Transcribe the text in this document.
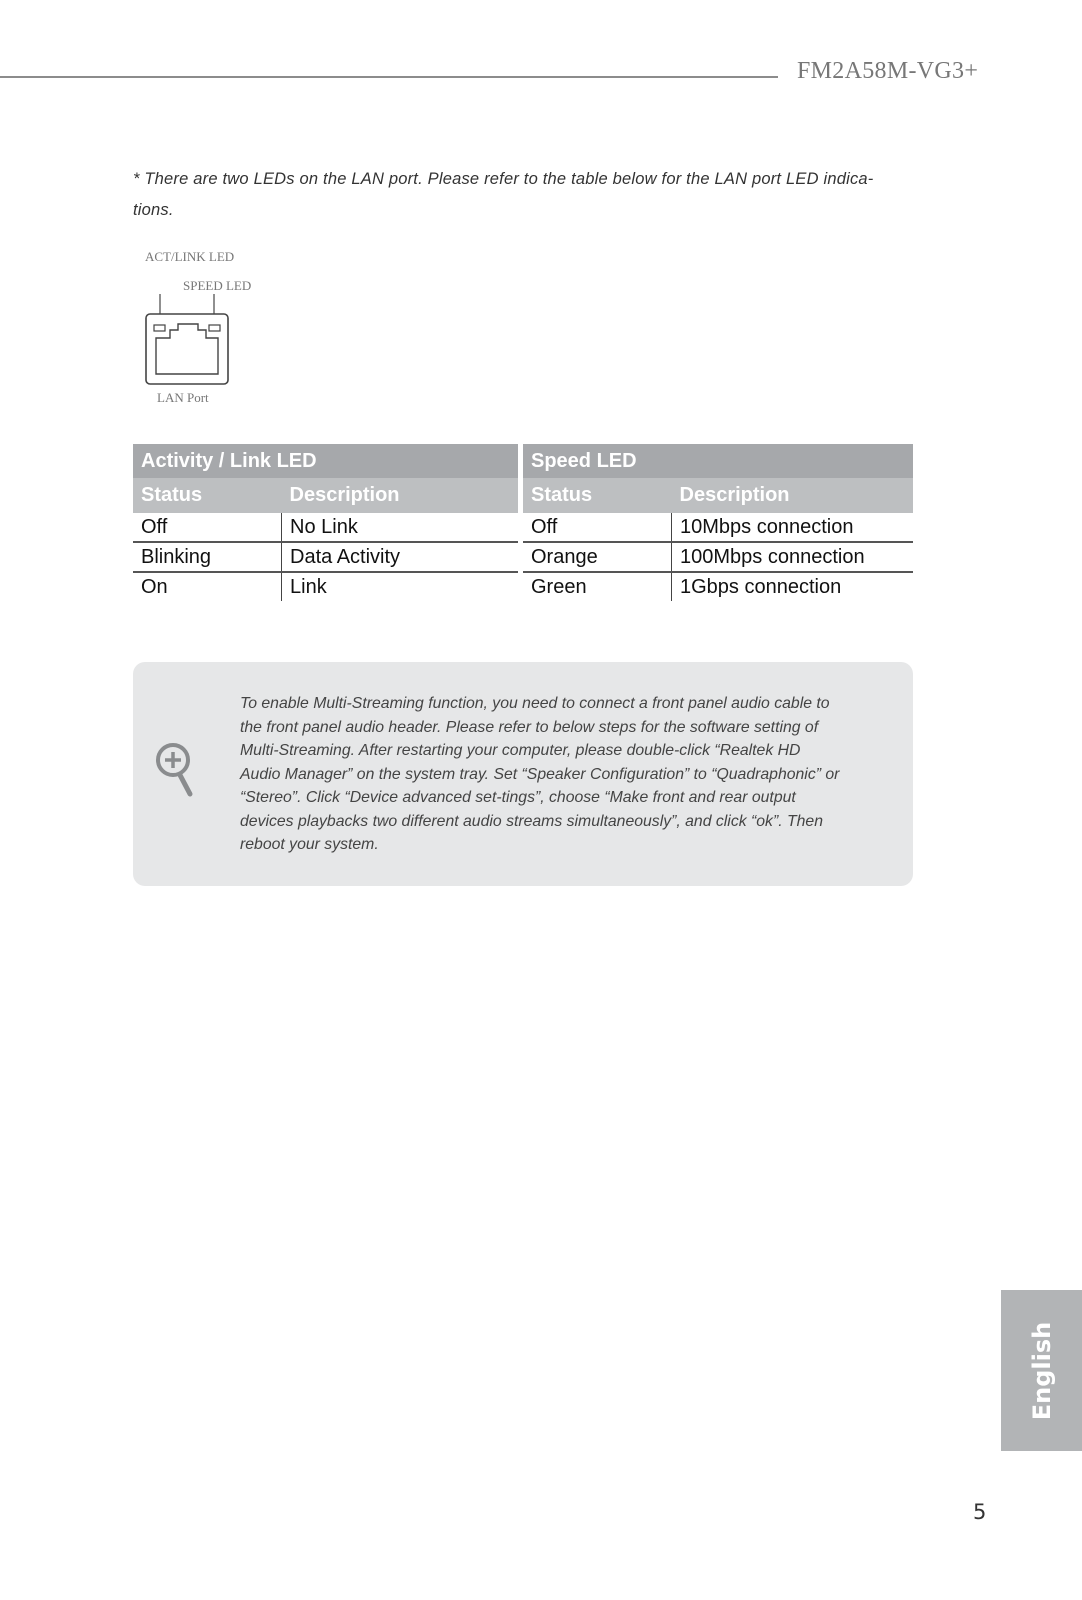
FM2A58M-VG3+
* There are two LEDs on the LAN port. Please refer to the table below for the LAN port LED indica-tions.
ACT/LINK LED
SPEED LED
LAN Port
Activity / Link LED	
Status	Description
Off	No Link
Blinking	Data Activity
On	Link
Speed LED	
Status	Description
Off	10Mbps connection
Orange	100Mbps connection
Green	1Gbps connection
To enable Multi-Streaming function, you need to connect a front panel audio cable to the front panel audio header. Please refer to below steps for the software setting of Multi-Streaming. After restarting your computer, please double-click “Realtek HD Audio Manager” on the system tray. Set “Speaker Configuration” to “Quadraphonic” or “Stereo”. Click “Device advanced set-tings”, choose “Make front and rear output devices playbacks two different audio streams simultaneously”, and click “ok”. Then reboot your system.
English
5
